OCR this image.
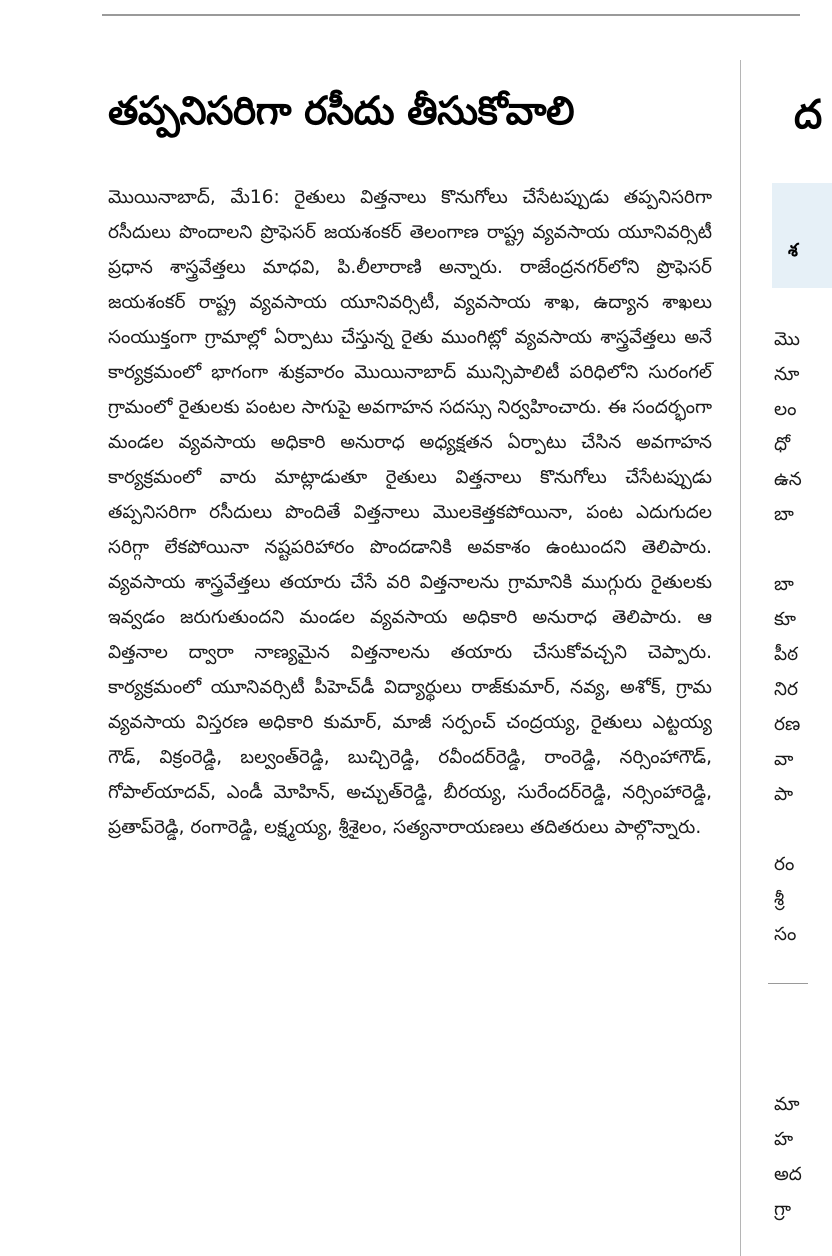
తప్పనిసరిగా రసీదు తీసుకోవాలి

మొయినాబాద్, మే16: రైతులు విత్తనాలు కొనుగోలు చేసేటప్పుడు తప్పనిసరిగా రసీదులు పొందాలని ప్రొఫెసర్ జయశంకర్ తెలంగాణ రాష్ట్ర వ్యవసాయ యూనివర్సిటీ ప్రధాన శాస్త్రవేత్తలు మాధవి, పి.లీలారాణి అన్నారు. రాజేంద్రనగర్‌లోని ప్రొఫెసర్ జయశంకర్ రాష్ట్ర వ్యవసాయ యూనివర్సిటీ, వ్యవసాయ శాఖ, ఉద్యాన శాఖలు సంయుక్తంగా గ్రామాల్లో ఏర్పాటు చేస్తున్న రైతు ముంగిట్లో వ్యవసాయ శాస్త్రవేత్తలు అనే కార్యక్రమంలో భాగంగా శుక్రవారం మొయినాబాద్ మున్సిపాలిటీ పరిధిలోని సురంగల్ గ్రామంలో రైతులకు పంటల సాగుపై అవగాహన సదస్సు నిర్వహించారు. ఈ సందర్భంగా మండల వ్యవసాయ అధికారి అనురాధ అధ్యక్షతన ఏర్పాటు చేసిన అవగాహన కార్యక్రమంలో వారు మాట్లాడుతూ రైతులు విత్తనాలు కొనుగోలు చేసేటప్పుడు తప్పనిసరిగా రసీదులు పొందితే విత్తనాలు మొలకెత్తకపోయినా, పంట ఎదుగుదల సరిగ్గా లేకపోయినా నష్టపరిహారం పొందడానికి అవకాశం ఉంటుందని తెలిపారు. వ్యవసాయ శాస్త్రవేత్తలు తయారు చేసే వరి విత్తనాలను గ్రామానికి ముగ్గురు రైతులకు ఇవ్వడం జరుగుతుందని మండల వ్యవసాయ అధికారి అనురాధ తెలిపారు. ఆ విత్తనాల ద్వారా నాణ్యమైన విత్తనాలను తయారు చేసుకోవచ్చని చెప్పారు. కార్యక్రమంలో యూనివర్సిటీ పీహెచ్‌డీ విద్యార్థులు రాజ్‌కుమార్, నవ్య, అశోక్, గ్రామ వ్యవసాయ విస్తరణ అధికారి కుమార్, మాజీ సర్పంచ్ చంద్రయ్య, రైతులు ఎట్టయ్య గౌడ్, విక్రంరెడ్డి, బల్వంత్‌రెడ్డి, బుచ్చిరెడ్డి, రవీందర్‌రెడ్డి, రాంరెడ్డి, నర్సింహాగౌడ్, గోపాల్‌యాదవ్, ఎండీ మోహిన్, అచ్చుత్‌రెడ్డి, బీరయ్య, సురేందర్‌రెడ్డి, నర్సింహారెడ్డి, ప్రతాప్‌రెడ్డి, రంగారెడ్డి, లక్ష్మయ్య, శ్రీశైలం, సత్యనారాయణలు తదితరులు పాల్గొన్నారు.

ద
శ
మొ
నూ
లం
ధో
ఉన
బా
బా
కూ
పీఠ
నిర
రణ
వా
పా
రం
శ్రీ
సం
మా
హ
అద
గ్రా
